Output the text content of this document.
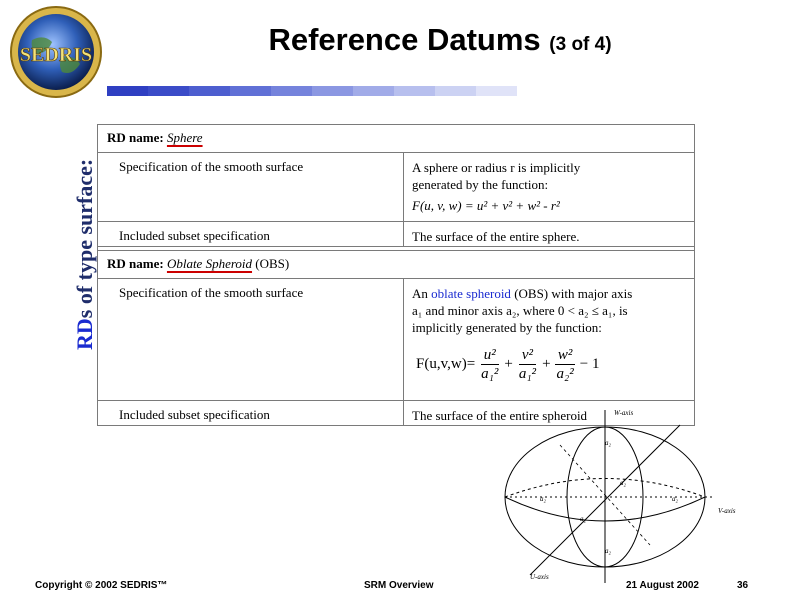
SEDRIS	Reference Datums (3 of 4)
RDs of type surface:
RD name:
Sphere
Specification of the smooth surface	A sphere or radius r is implicitly
generated by the function:
F(u, v, w) = u² + v² + w² - r²
Included subset specification	The surface of the entire sphere.
RD name:
Oblate Spheroid
(OBS)
Specification of the smooth surface	An oblate spheroid (OBS) with major axis
a₁ and minor axis a₂, where 0 < a₂ ≤ a₁, is
implicitly generated by the function:
$F(u,v,w)= \frac{\text{u²}}{\text{a₁²}} + \frac{\text{v²}}{\text{a₁²}} + \frac{\text{w²}}{\text{a₂²}} - 1$
Included subset specification	The surface of the entire spheroid	W-axis
V-axis
U-axis
a₂
a₂
a₂
a₂
a₂	a₂
Copyright © 2002 SEDRIS™	SRM Overview	21 August 2002	36
